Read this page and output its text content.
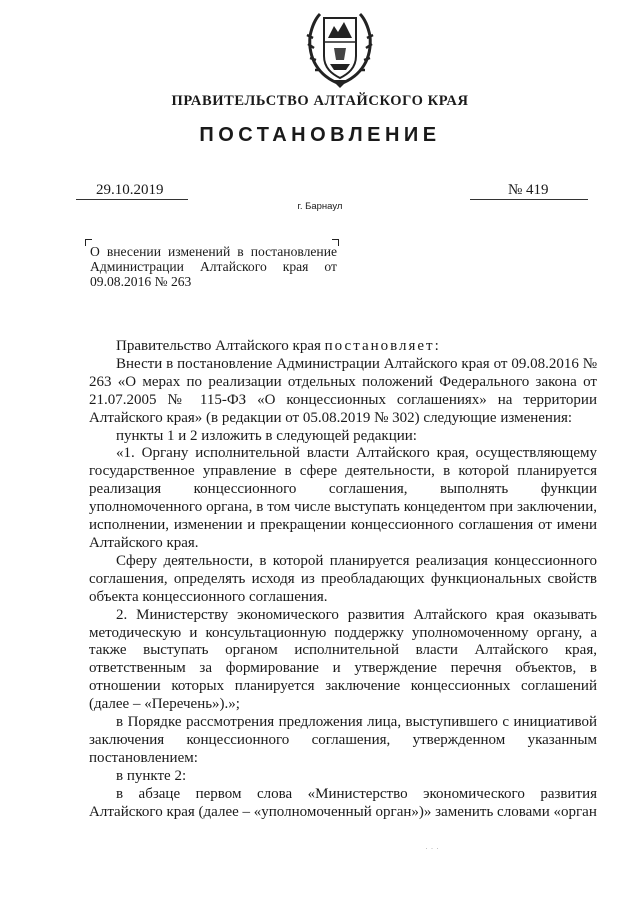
ПРАВИТЕЛЬСТВО АЛТАЙСКОГО КРАЯ
ПОСТАНОВЛЕНИЕ
29.10.2019	№ 419
г. Барнаул
О внесении изменений в постановление Администрации Алтайского края от 09.08.2016 № 263

Правительство Алтайского края постановляет:

Внести в постановление Администрации Алтайского края от 09.08.2016 № 263 «О мерах по реализации отдельных положений Федерального закона от 21.07.2005 № 115-ФЗ «О концессионных соглашениях» на территории Алтайского края» (в редакции от 05.08.2019 № 302) следующие изменения:

пункты 1 и 2 изложить в следующей редакции:

«1. Органу исполнительной власти Алтайского края, осуществляющему государственное управление в сфере деятельности, в которой планируется реализация концессионного соглашения, выполнять функции уполномоченного органа, в том числе выступать концедентом при заключении, исполнении, изменении и прекращении концессионного соглашения от имени Алтайского края.

Сферу деятельности, в которой планируется реализация концессионного соглашения, определять исходя из преобладающих функциональных свойств объекта концессионного соглашения.

2. Министерству экономического развития Алтайского края оказывать методическую и консультационную поддержку уполномоченному органу, а также выступать органом исполнительной власти Алтайского края, ответственным за формирование и утверждение перечня объектов, в отношении которых планируется заключение концессионных соглашений (далее – «Перечень»).»;

в Порядке рассмотрения предложения лица, выступившего с инициативой заключения концессионного соглашения, утвержденном указанным постановлением:

в пункте 2:

в абзаце первом слова «Министерство экономического развития Алтайского края (далее – «уполномоченный орган»)» заменить словами «орган

· · ·
